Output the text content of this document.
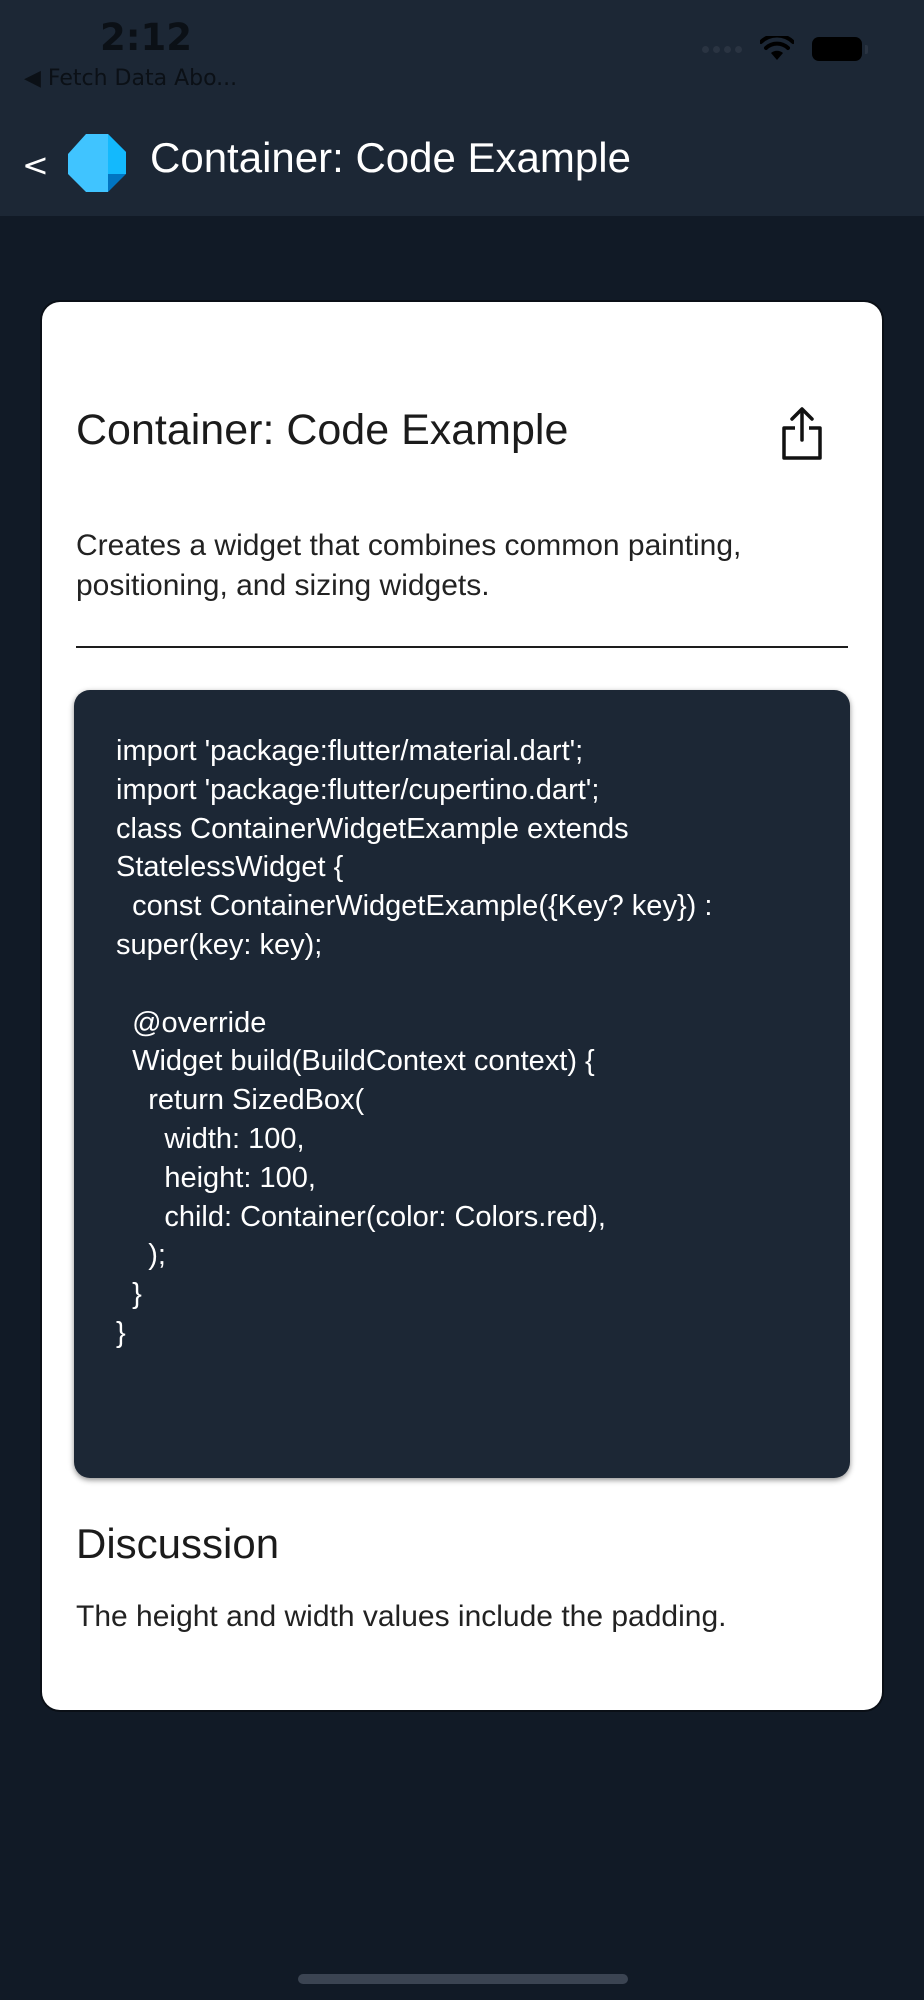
2:12
◀ Fetch Data Abo...
< Container: Code Example
Container: Code Example
Creates a widget that combines common painting, positioning, and sizing widgets.
import 'package:flutter/material.dart';
import 'package:flutter/cupertino.dart';
class ContainerWidgetExample extends
StatelessWidget {
const ContainerWidgetExample({Key? key}) :
super(key: key);

@override
Widget build(BuildContext context) {
return SizedBox(
width: 100,
height: 100,
child: Container(color: Colors.red),
);
}
}
Discussion
The height and width values include the padding.
